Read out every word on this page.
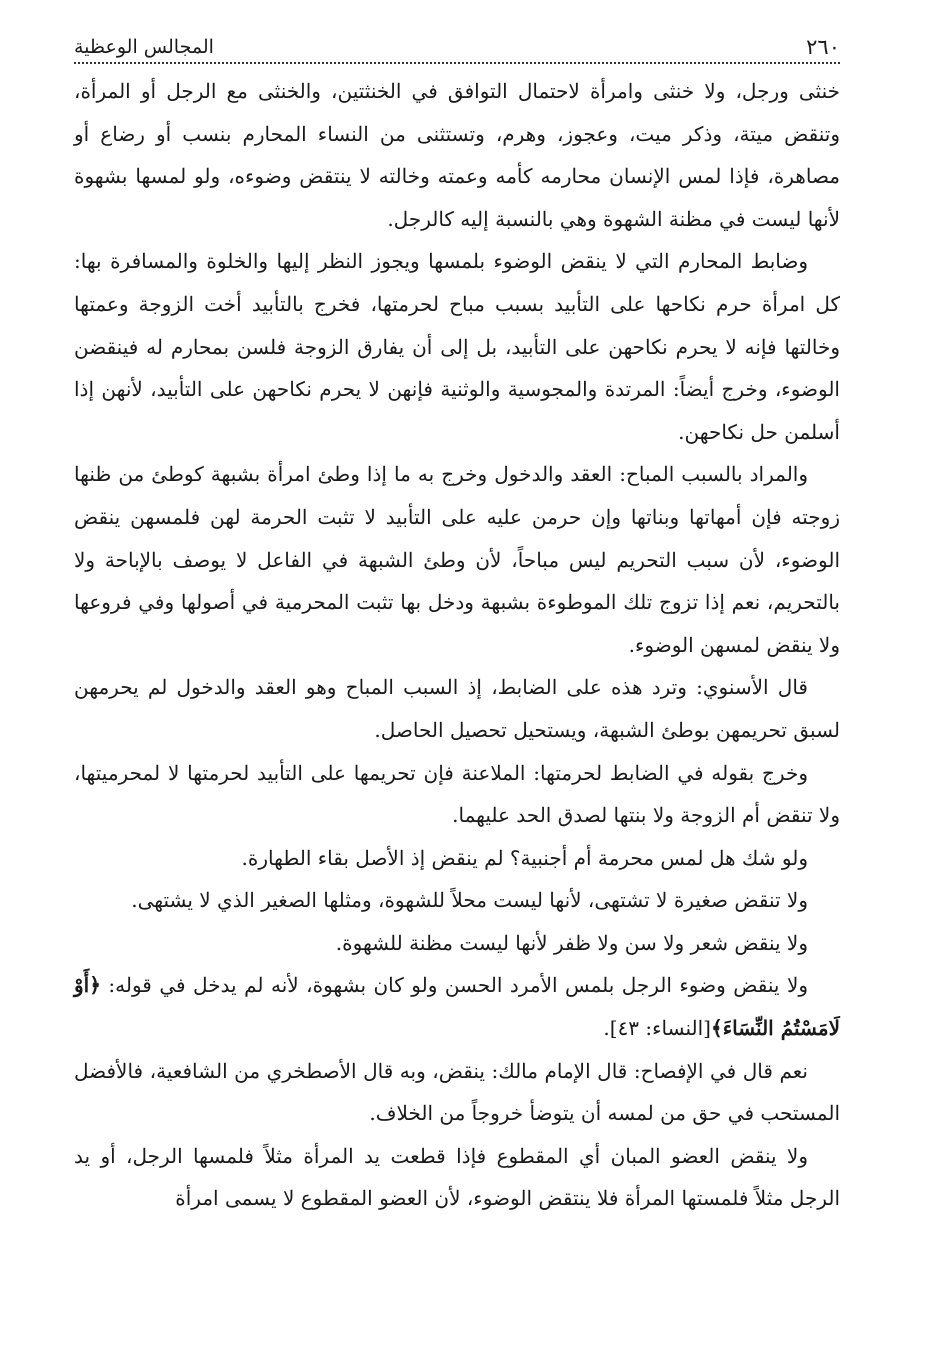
٢٦٠
المجالس الوعظية

خنثى ورجل، ولا خنثى وامرأة لاحتمال التوافق في الخنثتين، والخنثى مع الرجل أو المرأة، وتنقض ميتة، وذكر ميت، وعجوز، وهرم، وتستثنى من النساء المحارم بنسب أو رضاع أو مصاهرة، فإذا لمس الإنسان محارمه كأمه وعمته وخالته لا ينتقض وضوءه، ولو لمسها بشهوة لأنها ليست في مظنة الشهوة وهي بالنسبة إليه كالرجل.

وضابط المحارم التي لا ينقض الوضوء بلمسها ويجوز النظر إليها والخلوة والمسافرة بها: كل امرأة حرم نكاحها على التأبيد بسبب مباح لحرمتها، فخرج بالتأبيد أخت الزوجة وعمتها وخالتها فإنه لا يحرم نكاحهن على التأبيد، بل إلى أن يفارق الزوجة فلسن بمحارم له فينقضن الوضوء، وخرج أيضاً: المرتدة والمجوسية والوثنية فإنهن لا يحرم نكاحهن على التأبيد، لأنهن إذا أسلمن حل نكاحهن.

والمراد بالسبب المباح: العقد والدخول وخرج به ما إذا وطئ امرأة بشبهة كوطئ من ظنها زوجته فإن أمهاتها وبناتها وإن حرمن عليه على التأبيد لا تثبت الحرمة لهن فلمسهن ينقض الوضوء، لأن سبب التحريم ليس مباحاً، لأن وطئ الشبهة في الفاعل لا يوصف بالإباحة ولا بالتحريم، نعم إذا تزوج تلك الموطوءة بشبهة ودخل بها تثبت المحرمية في أصولها وفي فروعها ولا ينقض لمسهن الوضوء.

قال الأسنوي: وترد هذه على الضابط، إذ السبب المباح وهو العقد والدخول لم يحرمهن لسبق تحريمهن بوطئ الشبهة، ويستحيل تحصيل الحاصل.

وخرج بقوله في الضابط لحرمتها: الملاعنة فإن تحريمها على التأبيد لحرمتها لا لمحرميتها، ولا تنقض أم الزوجة ولا بنتها لصدق الحد عليهما.

ولو شك هل لمس محرمة أم أجنبية؟ لم ينقض إذ الأصل بقاء الطهارة.

ولا تنقض صغيرة لا تشتهى، لأنها ليست محلاً للشهوة، ومثلها الصغير الذي لا يشتهى.

ولا ينقض شعر ولا سن ولا ظفر لأنها ليست مظنة للشهوة.

ولا ينقض وضوء الرجل بلمس الأمرد الحسن ولو كان بشهوة، لأنه لم يدخل في قوله: ﴿أَوْ لَامَسْتُمُ النِّسَاءَ﴾[النساء: ٤٣].

نعم قال في الإفصاح: قال الإمام مالك: ينقض، وبه قال الأصطخري من الشافعية، فالأفضل المستحب في حق من لمسه أن يتوضأ خروجاً من الخلاف.

ولا ينقض العضو المبان أي المقطوع فإذا قطعت يد المرأة مثلاً فلمسها الرجل، أو يد الرجل مثلاً فلمستها المرأة فلا ينتقض الوضوء، لأن العضو المقطوع لا يسمى امرأة
